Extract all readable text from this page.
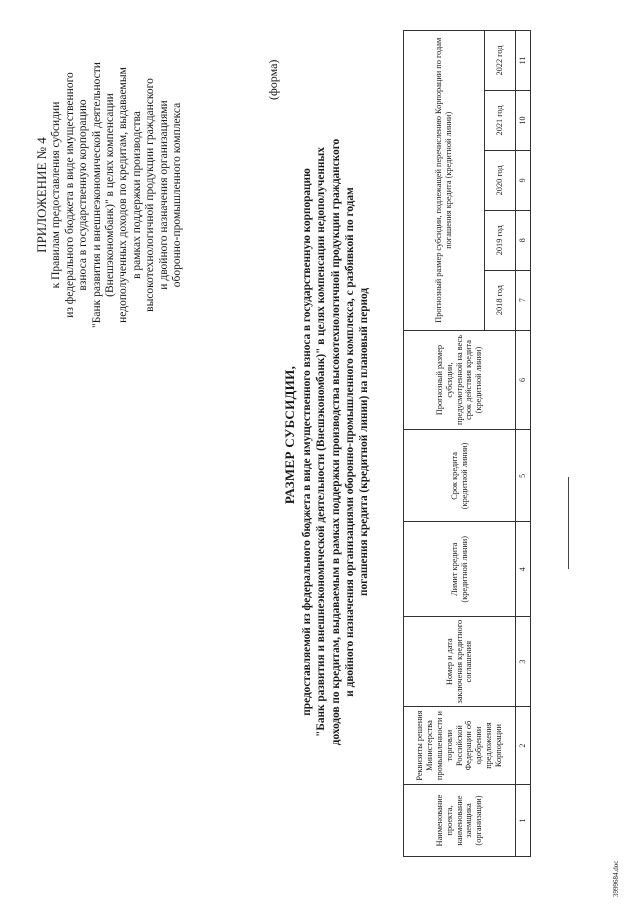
ПРИЛОЖЕНИЕ № 4 к Правилам предоставления субсидии из федерального бюджета в виде имущественного взноса в государственную корпорацию "Банк развития и внешнеэкономической деятельности (Внешэкономбанк)" в целях компенсации недополученных доходов по кредитам, выдаваемым в рамках поддержки производства высокотехнологичной продукции гражданского и двойного назначения организациями оборонно-промышленного комплекса
(форма)
РАЗМЕР СУБСИДИИ, предоставляемой из федерального бюджета в виде имущественного взноса в государственную корпорацию "Банк развития и внешнеэкономической деятельности (Внешэкономбанк)" в целях компенсации недополученных доходов по кредитам, выдаваемым в рамках поддержки производства высокотехнологичной продукции гражданского и двойного назначения организациями оборонно-промышленного комплекса, с разбивкой по годам погашения кредита (кредитной линии) на плановый период
Наименование проекта, наименование заемщика (организации)	Реквизиты решения Министерства промышленности и торговли Российской Федерации об одобрении предложения Корпорации	Номер и дата заключения кредитного соглашения	Лимит кредита (кредитной линии)	Срок кредита (кредитной линии)	Прогнозный размер субсидии, предусмотренной на весь срок действия кредита (кредитной линии)	Прогнозный размер субсидии, подлежащей перечислению Корпорации по годам погашения кредита (кредитной линии)				
						2018 год	2019 год	2020 год	2021 год	2022 год
1	2	3	4	5	6	7	8	9	10	11
3999684.doc
